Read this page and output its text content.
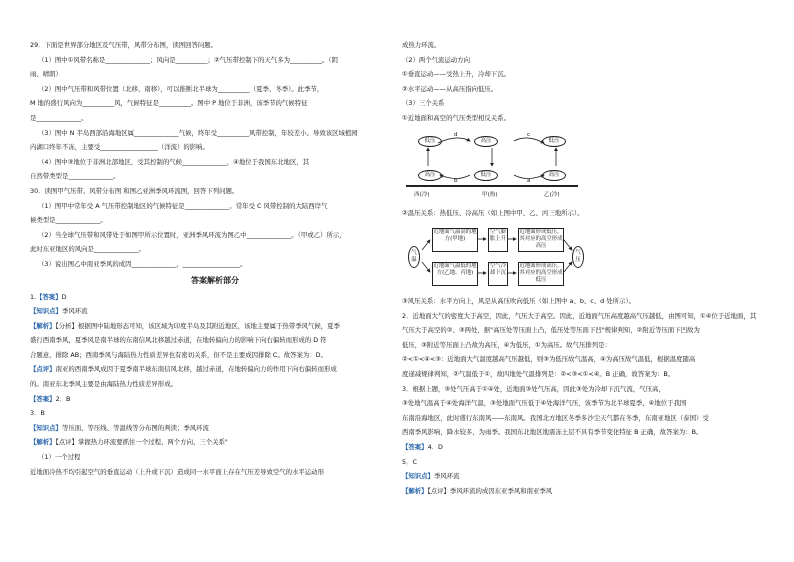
29．下面是世界部分地区及气压带，风带分布图，读图回答问题。
（1）图中①风带名称是______________；风向是__________；②气压带控制下的天气多为__________。（阴
雨、晴朗）
（2）图中气压带和风带位置（北移、南移），可以推断北半球为__________（夏季、冬季）。此季节，
M 地的盛行风向为__________风，气候特征是__________。图中 P 地位于非洲，该季节的气候特征
是______________。
（3）图中 N 半岛西部沿海地区属______________气候，终年受__________风带控制，年较差小。导致该区域植园
内湖口终年不冻，主要受__________________（洋流）的影响。
（4）图中③地位于非洲北部地区，受其控制的气候______________，④地位于我国东北地区，其
自然带类型是______________。
30．读图甲气压带、风带分布图 和图乙亚洲季风环流图，回答下列问题。
（1）图甲中常年受 A 气压带控制地区的气候特征是______________。常年受 C 风带控制的大陆西岸气
候类型是______________。
（2）当全球气压带和风带处于如图甲所示位置时，亚洲季风环流为图乙中______________。（甲或乙）所示，
此时东亚地区的风向是______________。
（3）说出图乙中南亚季风的成因______________，__________________。
答案解析部分
1.【答案】D
【知识点】季风环流
【解析】【分析】根据图中陆地形态可知，该区域为印度半岛及其附近地区，该地主要属于热带季风气候，夏季
盛行西南季风，夏季风是南半球的东南信风北移越过赤道，在地转偏向力的影响下向右偏转而形成的 D 符
合题意，排除 AB；西南季风与海陆热力性质差异也有密切关系，但不是主要成因排除 C。故答案为：D。
【点评】南亚的西南季风成因于夏季南半球东南信风北移，越过赤道，在地转偏向力的作用下向右偏转而形成
的。南亚东北季风主要是由海陆热力性质差异形成。
【答案】2．B
3．B
【知识点】等压面、等压线、等温线等分布图的判读；季风环流
【解析】【点评】掌握热力环流要抓住一个过程、两个方向、三个关系"
（1）一个过程
近地面冷热不均引起空气的垂直运动（上升或下沉）造成同一水平面上存在气压差导致空气的水平运动形
成热力环流。
（2）两个气流运动方向
①垂直运动——受热上升，冷却下沉。
②水平运动——从高压指向低压。
（3）三个关系
①近地面和高空的气压类型相反关系。
低压	高压	低压
高压	低压	高压
d	c
b	a
西(冷)	甲(热)	乙(冷)
②温压关系：热低压、冷高压（如上图中甲、乙、丙三地所示）。
气温
气压
近地面气温高的地方(甲地)
空气膨胀上升
近地面形成低压，其对应的高空形成高压
近地面气温低的地方(乙地、丙地)
空气冷却下沉
近地面形成高压，其对应的高空形成低压
③风压关系：水平方向上，风是从高压吹向低压（如上图中 a、b、c、d 处所示）。
2．近地面大气的密度大于高空，因此，气压大于高空。因此，近地面气压高度越高气压越低，由图可知，①④位于近地面，其
气压大于高空的②、③两处，据"高压处等压面上凸，低压处等压面下凹"规律判知，②附近等压面下凹故为
低压，③附近等压面上凸故为高压，④为低压，①为高压。故气压排列是：
②<①<④<③：近地面大气温度越高气压越低，则③为低压故气温高，④为高压故气温低，根据温度随高
度递减规律判知，②气温低于①，故四地处气温排列是：②<③<①<④。B 正确，故答案为：B。
3．根据上题，③处气压高于①④处，近地面③处气压高，因此③处为冷却下沉气流，气压高，
③处地气温高于④处海洋气温，③处地面气压低于④处海洋气压，该季节为北半球夏季，④地位于我国
东南沿海地区，此时盛行东南风——东南风。我国北方地区冬季多沙尘天气都在冬季，东南亚地区（泰国）受
西南季风影响，降水较多，为雨季。我国东北地区地震冻土层不具有季节变化特征 B 正确，故答案为：B。
【答案】4．D
5．C
【知识点】季风环流
【解析】【点评】季风环流的成因东亚季风和南亚季风
